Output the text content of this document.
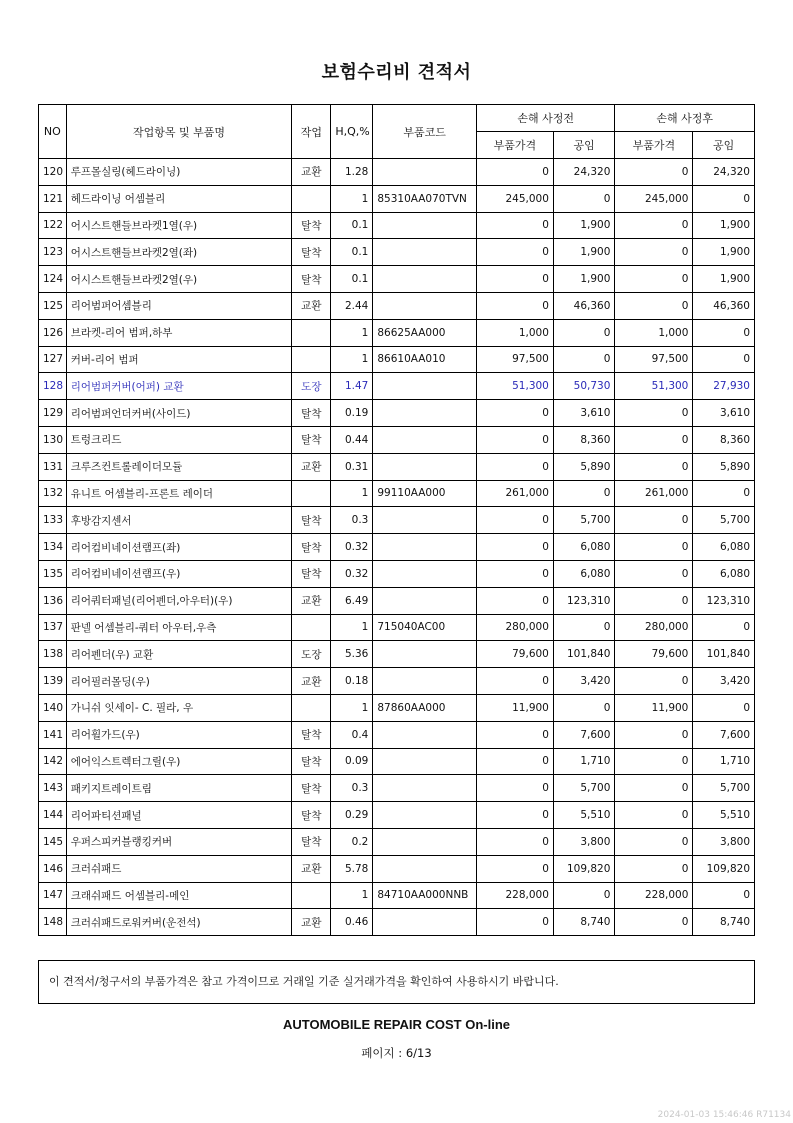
보험수리비 견적서
NO	작업항목 및 부품명	작업	H,Q,%	부품코드	손해 사정전		손해 사정후	
					부품가격	공임	부품가격	공임
120	루프몰실링(헤드라이닝)	교환	1.28		0	24,320	0	24,320
121	헤드라이닝 어셈블리		1	85310AA070TVN	245,000	0	245,000	0
122	어시스트핸들브라켓1열(우)	탈착	0.1		0	1,900	0	1,900
123	어시스트핸들브라켓2열(좌)	탈착	0.1		0	1,900	0	1,900
124	어시스트핸들브라켓2열(우)	탈착	0.1		0	1,900	0	1,900
125	리어범퍼어셈블리	교환	2.44		0	46,360	0	46,360
126	브라켓-리어 범퍼,하부		1	86625AA000	1,000	0	1,000	0
127	커버-리어 범퍼		1	86610AA010	97,500	0	97,500	0
128	리어범퍼커버(어퍼) 교환	도장	1.47		51,300	50,730	51,300	27,930
129	리어범퍼언더커버(사이드)	탈착	0.19		0	3,610	0	3,610
130	트렁크리드	탈착	0.44		0	8,360	0	8,360
131	크루즈컨트롤레이더모듈	교환	0.31		0	5,890	0	5,890
132	유니트 어셈블리-프론트 레이더		1	99110AA000	261,000	0	261,000	0
133	후방감지센서	탈착	0.3		0	5,700	0	5,700
134	리어컴비네이션램프(좌)	탈착	0.32		0	6,080	0	6,080
135	리어컴비네이션램프(우)	탈착	0.32		0	6,080	0	6,080
136	리어쿼터패널(리어펜더,아우터)(우)	교환	6.49		0	123,310	0	123,310
137	판넬 어셈블리-쿼터 아우터,우측		1	715040AC00	280,000	0	280,000	0
138	리어펜더(우) 교환	도장	5.36		79,600	101,840	79,600	101,840
139	리어필러몰딩(우)	교환	0.18		0	3,420	0	3,420
140	가니쉬 잇세이- C. 필라, 우		1	87860AA000	11,900	0	11,900	0
141	리어휠가드(우)	탈착	0.4		0	7,600	0	7,600
142	에어익스트렉터그릴(우)	탈착	0.09		0	1,710	0	1,710
143	패키지트레이트림	탈착	0.3		0	5,700	0	5,700
144	리어파티션패널	탈착	0.29		0	5,510	0	5,510
145	우퍼스피커블랭킹커버	탈착	0.2		0	3,800	0	3,800
146	크러쉬패드	교환	5.78		0	109,820	0	109,820
147	크래쉬패드 어셈블리-메인		1	84710AA000NNB	228,000	0	228,000	0
148	크러쉬패드로워커버(운전석)	교환	0.46		0	8,740	0	8,740
이 견적서/청구서의 부품가격은 참고 가격이므로 거래일 기준 실거래가격을 확인하여 사용하시기 바랍니다.
AUTOMOBILE REPAIR COST On-line
페이지 : 6/13
2024-01-03 15:46:46 R71134
